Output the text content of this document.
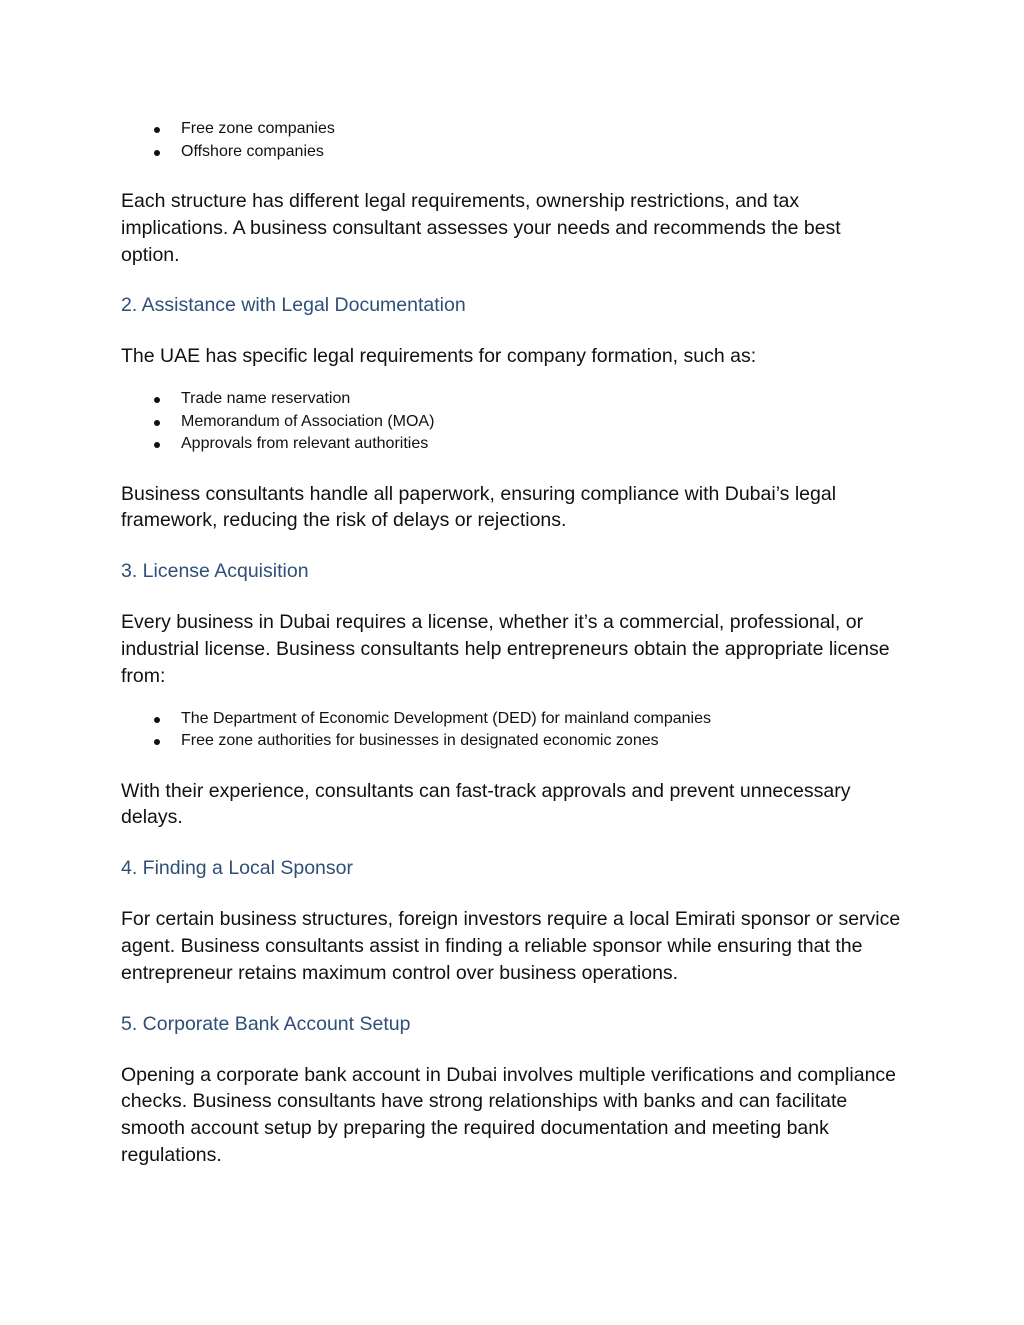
Free zone companies
Offshore companies

Each structure has different legal requirements, ownership restrictions, and tax implications. A business consultant assesses your needs and recommends the best option.

2. Assistance with Legal Documentation

The UAE has specific legal requirements for company formation, such as:

Trade name reservation
Memorandum of Association (MOA)
Approvals from relevant authorities

Business consultants handle all paperwork, ensuring compliance with Dubai’s legal framework, reducing the risk of delays or rejections.

3. License Acquisition

Every business in Dubai requires a license, whether it’s a commercial, professional, or industrial license. Business consultants help entrepreneurs obtain the appropriate license from:

The Department of Economic Development (DED) for mainland companies
Free zone authorities for businesses in designated economic zones

With their experience, consultants can fast-track approvals and prevent unnecessary delays.

4. Finding a Local Sponsor

For certain business structures, foreign investors require a local Emirati sponsor or service agent. Business consultants assist in finding a reliable sponsor while ensuring that the entrepreneur retains maximum control over business operations.

5. Corporate Bank Account Setup

Opening a corporate bank account in Dubai involves multiple verifications and compliance checks. Business consultants have strong relationships with banks and can facilitate smooth account setup by preparing the required documentation and meeting bank regulations.
